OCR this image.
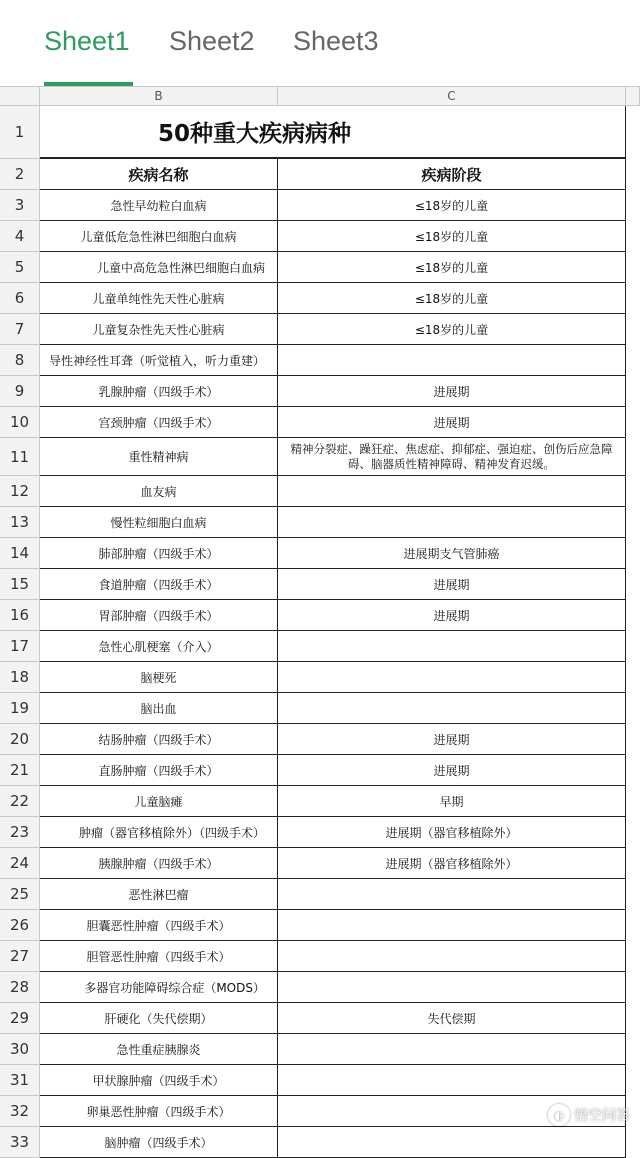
Sheet1 Sheet2 Sheet3
B	C
1	50种重大疾病病种
2	疾病名称	疾病阶段
3	急性早幼粒白血病	≤18岁的儿童
4	儿童低危急性淋巴细胞白血病	≤18岁的儿童
5	儿童中高危急性淋巴细胞白血病	≤18岁的儿童
6	儿童单纯性先天性心脏病	≤18岁的儿童
7	儿童复杂性先天性心脏病	≤18岁的儿童
8	导性神经性耳聋（听觉植入，听力重建）
9	乳腺肿瘤（四级手术）	进展期
10	宫颈肿瘤（四级手术）	进展期
11	重性精神病
精神分裂症、躁狂症、焦虑症、抑郁症、强迫症、创伤后应急障碍、脑器质性精神障碍、精神发育迟缓。
12	血友病
13	慢性粒细胞白血病
14	肺部肿瘤（四级手术）	进展期支气管肺癌
15	食道肿瘤（四级手术）	进展期
16	胃部肿瘤（四级手术）	进展期
17	急性心肌梗塞（介入）
18	脑梗死
19	脑出血
20	结肠肿瘤（四级手术）	进展期
21	直肠肿瘤（四级手术）	进展期
22	儿童脑瘫	早期
23	肿瘤（器官移植除外）（四级手术）	进展期（器官移植除外）
24	胰腺肿瘤（四级手术）	进展期（器官移植除外）
25	恶性淋巴瘤
26	胆囊恶性肿瘤（四级手术）
27	胆管恶性肿瘤（四级手术）
28	多器官功能障碍综合症（MODS）
29	肝硬化（失代偿期）	失代偿期
30	急性重症胰腺炎
31	甲状腺肿瘤（四级手术）
32	卵巢恶性肿瘤（四级手术）
33	脑肿瘤（四级手术）
◐ 悟空问答
